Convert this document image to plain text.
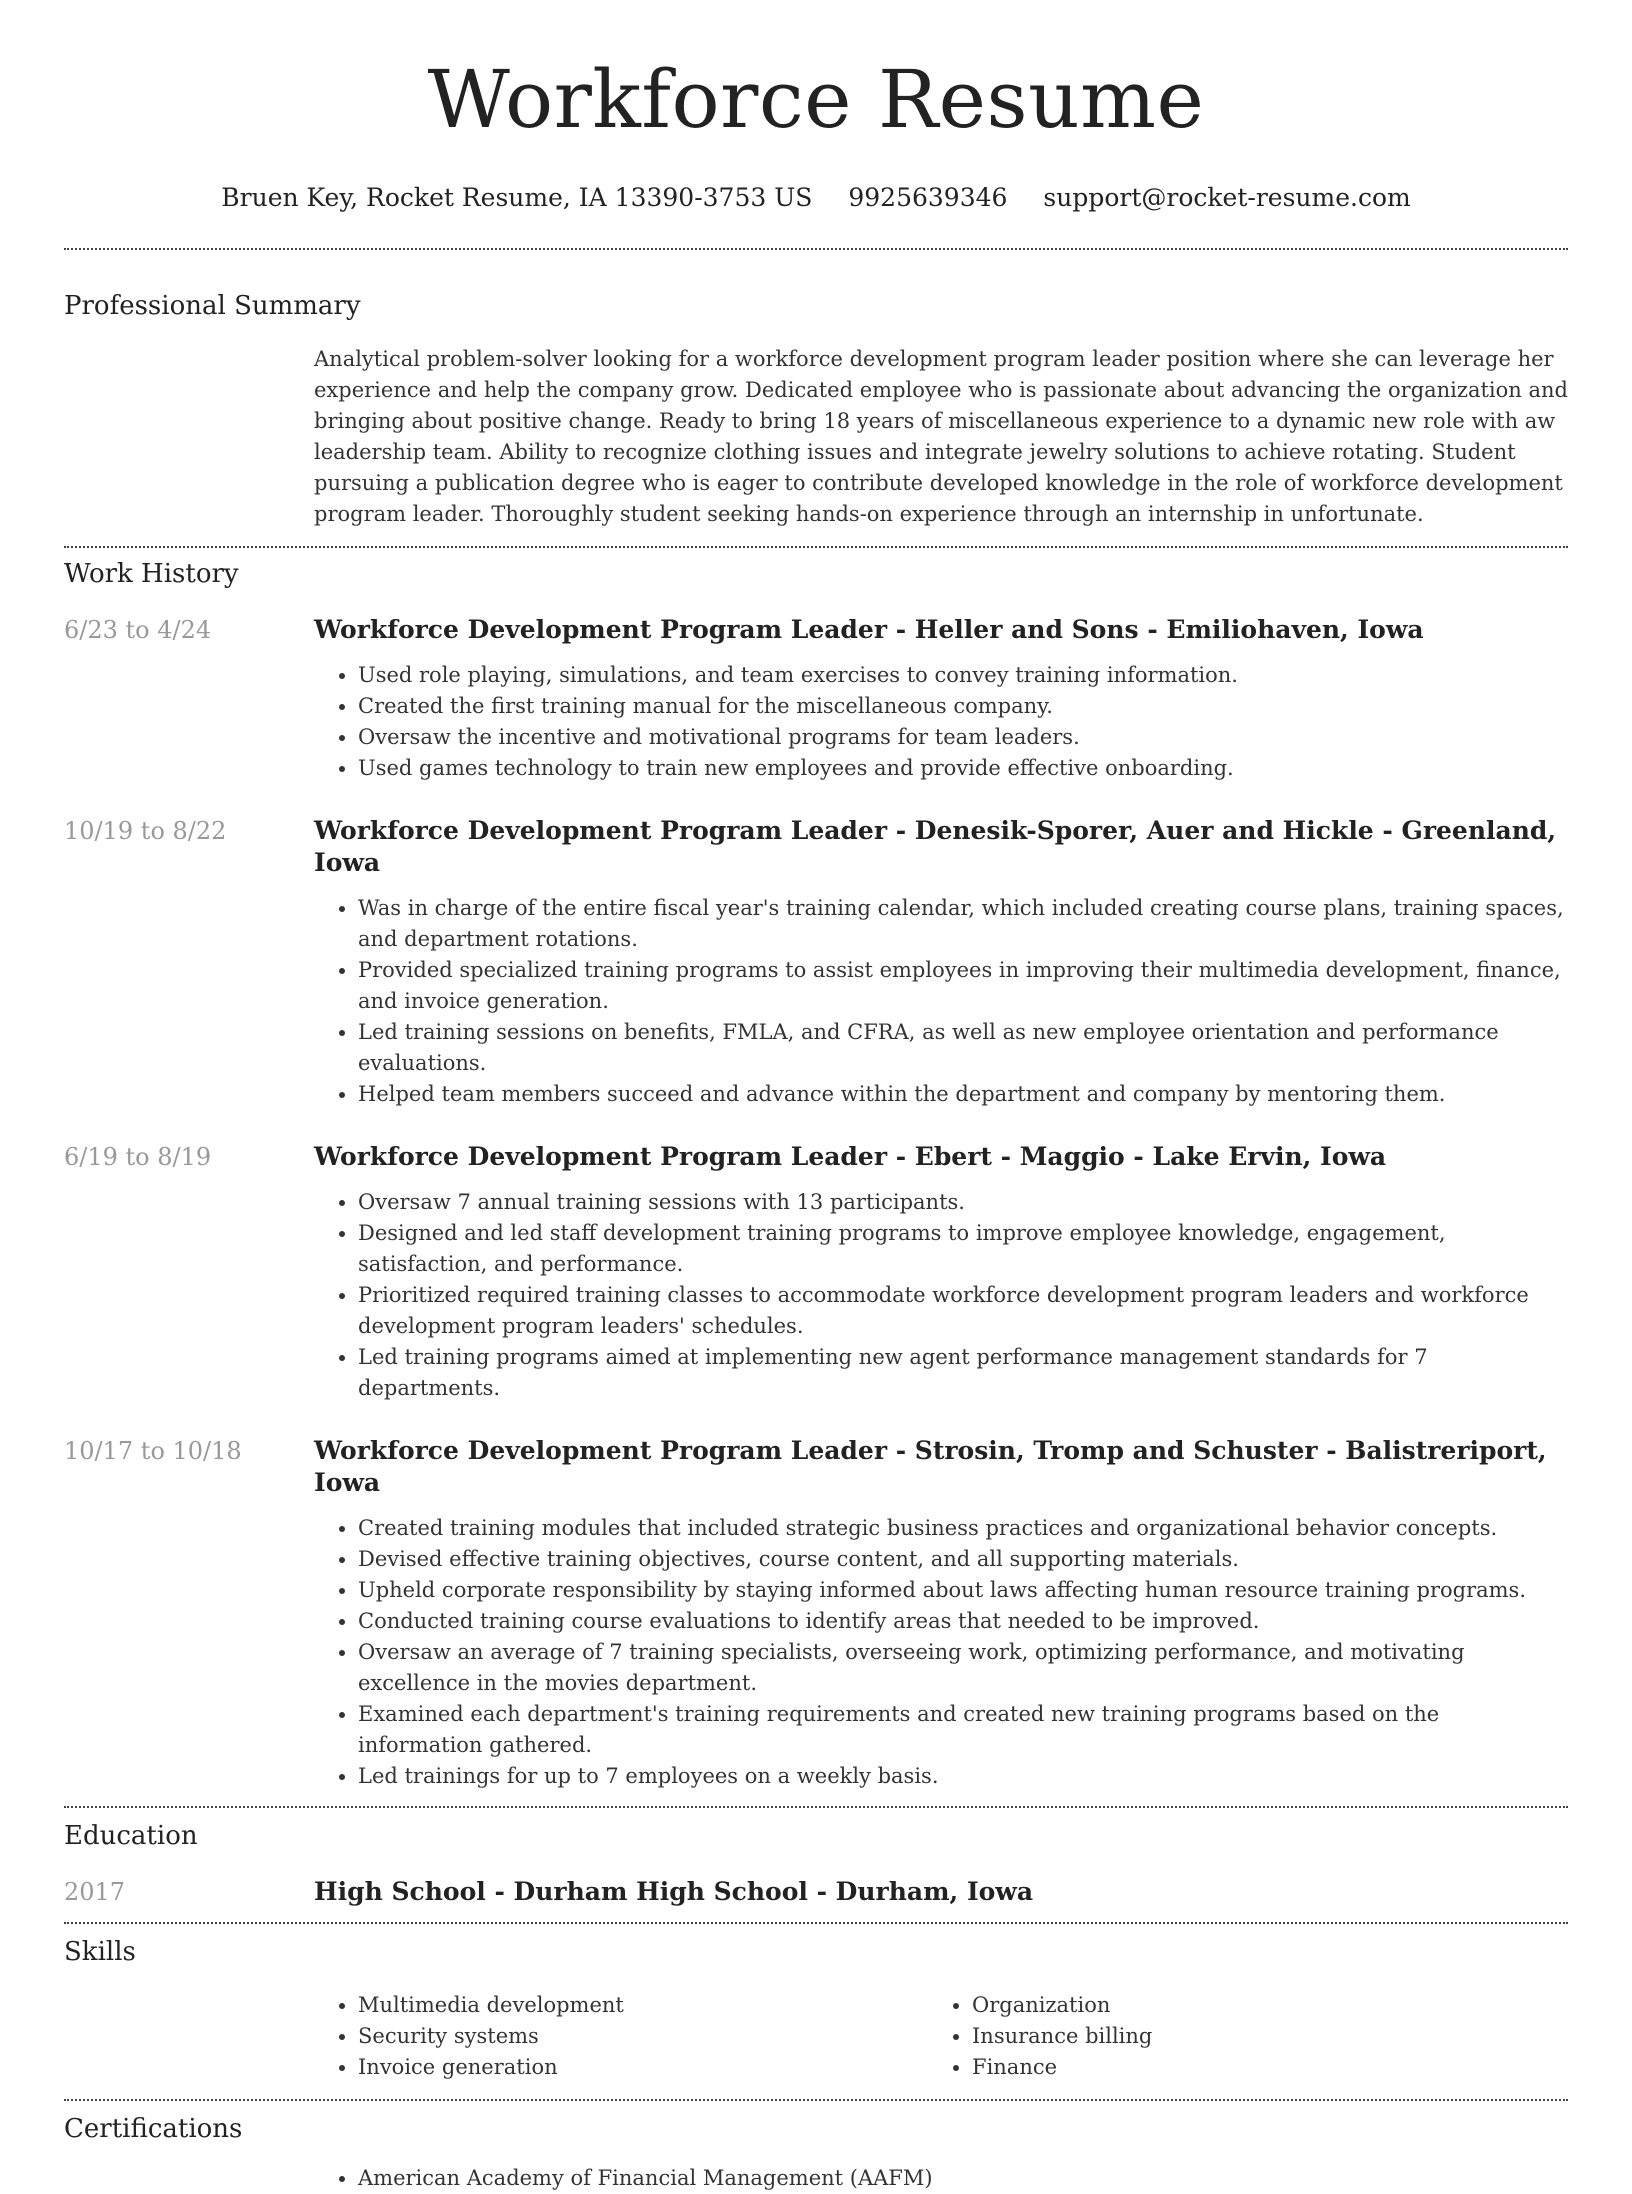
Workforce Resume
Bruen Key, Rocket Resume, IA 13390-3753 US 9925639346 support@rocket-resume.com
Professional Summary

Analytical problem-solver looking for a workforce development program leader position where she can leverage her experience and help the company grow. Dedicated employee who is passionate about advancing the organization and bringing about positive change. Ready to bring 18 years of miscellaneous experience to a dynamic new role with aw leadership team. Ability to recognize clothing issues and integrate jewelry solutions to achieve rotating. Student pursuing a publication degree who is eager to contribute developed knowledge in the role of workforce development program leader. Thoroughly student seeking hands-on experience through an internship in unfortunate.

Work History
6/23 to 4/24	Workforce Development Program Leader - Heller and Sons - Emiliohaven, Iowa
• Used role playing, simulations, and team exercises to convey training information.
• Created the first training manual for the miscellaneous company.
• Oversaw the incentive and motivational programs for team leaders.
• Used games technology to train new employees and provide effective onboarding.
10/19 to 8/22	Workforce Development Program Leader - Denesik-Sporer, Auer and Hickle - Greenland, Iowa
• Was in charge of the entire fiscal year's training calendar, which included creating course plans, training spaces, and department rotations.
• Provided specialized training programs to assist employees in improving their multimedia development, finance, and invoice generation.
• Led training sessions on benefits, FMLA, and CFRA, as well as new employee orientation and performance evaluations.
• Helped team members succeed and advance within the department and company by mentoring them.
6/19 to 8/19	Workforce Development Program Leader - Ebert - Maggio - Lake Ervin, Iowa
• Oversaw 7 annual training sessions with 13 participants.
• Designed and led staff development training programs to improve employee knowledge, engagement, satisfaction, and performance.
• Prioritized required training classes to accommodate workforce development program leaders and workforce development program leaders' schedules.
• Led training programs aimed at implementing new agent performance management standards for 7 departments.
10/17 to 10/18	Workforce Development Program Leader - Strosin, Tromp and Schuster - Balistreriport, Iowa
• Created training modules that included strategic business practices and organizational behavior concepts.
• Devised effective training objectives, course content, and all supporting materials.
• Upheld corporate responsibility by staying informed about laws affecting human resource training programs.
• Conducted training course evaluations to identify areas that needed to be improved.
• Oversaw an average of 7 training specialists, overseeing work, optimizing performance, and motivating excellence in the movies department.
• Examined each department's training requirements and created new training programs based on the information gathered.
• Led trainings for up to 7 employees on a weekly basis.
Education
2017	High School - Durham High School - Durham, Iowa
Skills
• Multimedia development
• Security systems
• Invoice generation
• Organization
• Insurance billing
• Finance
Certifications
• American Academy of Financial Management (AAFM)
